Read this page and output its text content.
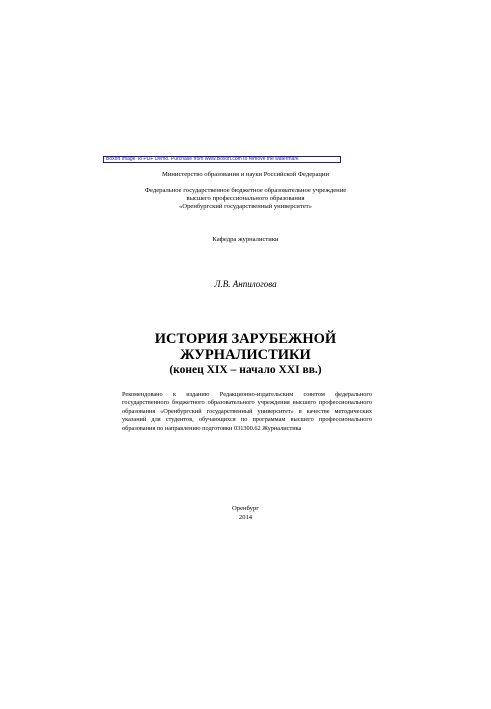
Boxoft Image To PDF Demo. Purchase from www.Boxoft.com to remove the watermark
Министерство образования и науки Российской Федерации
Федеральное государственное бюджетное образовательное учреждение
высшего профессионального образования
«Оренбургский государственный университет»
Кафедра журналистики
Л.В. Анпилогова
ИСТОРИЯ ЗАРУБЕЖНОЙ
ЖУРНАЛИСТИКИ
(конец XIX – начало XXI вв.)
Рекомендовано к изданию Редакционно-издательским советом федерального государственного бюджетного образовательного учреждения высшего профессионального образования «Оренбургский государственный университет» в качестве методических указаний для студентов, обучающихся по программам высшего профессионального образования по направлению подготовки 031300.62 Журналистика
Оренбург
2014
